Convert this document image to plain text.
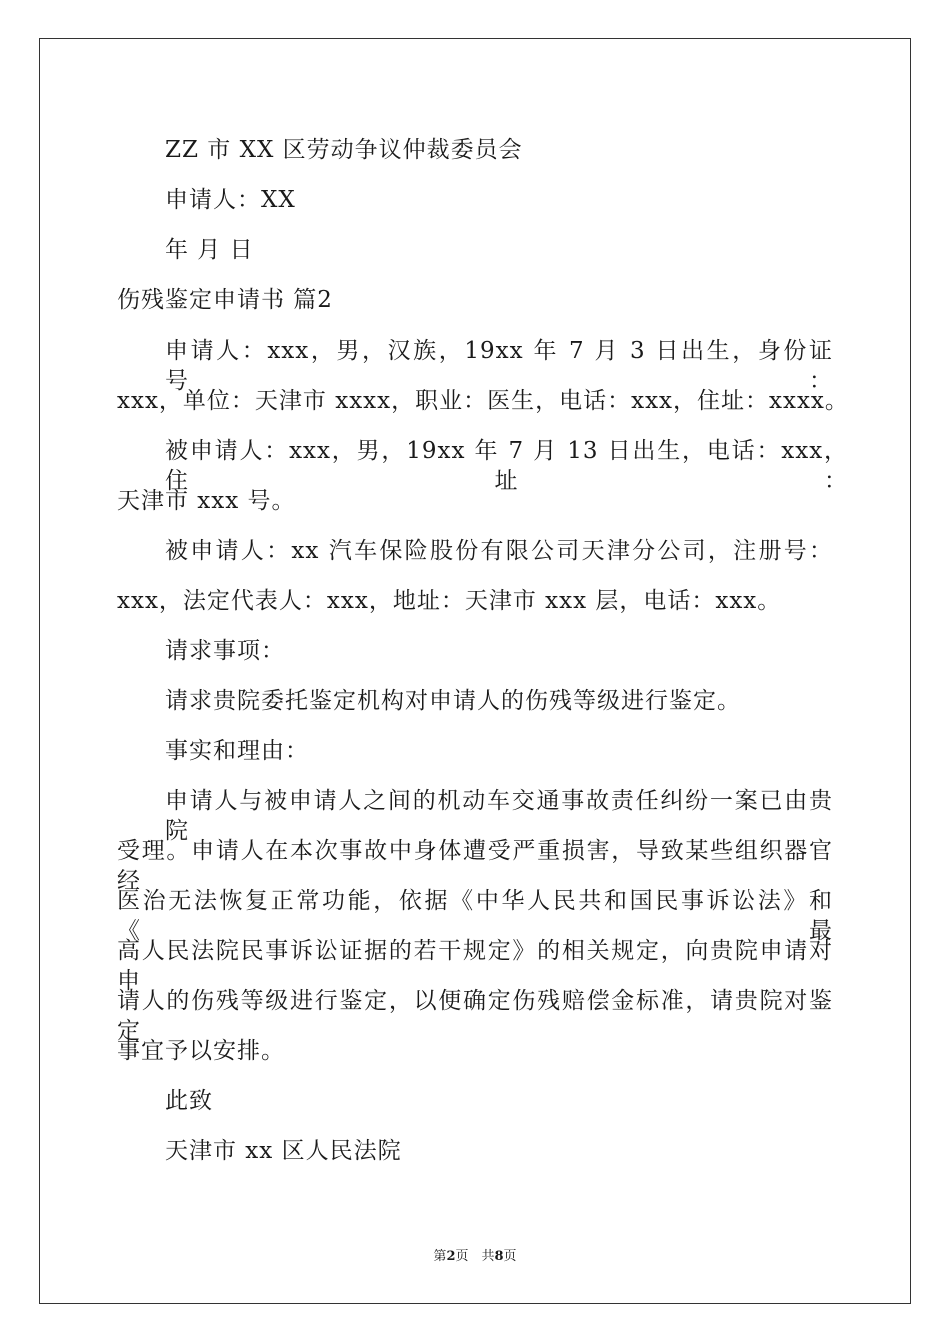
ZZ 市 XX 区劳动争议仲裁委员会
申请人：XX
年 月 日
伤残鉴定申请书 篇2
申请人：xxx，男，汉族，19xx 年 7 月 3 日出生，身份证号：
xxx，单位：天津市 xxxx，职业：医生，电话：xxx，住址：xxxx。
被申请人：xxx，男，19xx 年 7 月 13 日出生，电话：xxx，住址：
天津市 xxx 号。
被申请人：xx 汽车保险股份有限公司天津分公司，注册号：
xxx，法定代表人：xxx，地址：天津市 xxx 层，电话：xxx。
请求事项：
请求贵院委托鉴定机构对申请人的伤残等级进行鉴定。
事实和理由：
申请人与被申请人之间的机动车交通事故责任纠纷一案已由贵院
受理。申请人在本次事故中身体遭受严重损害，导致某些组织器官经
医治无法恢复正常功能，依据《中华人民共和国民事诉讼法》和《最
高人民法院民事诉讼证据的若干规定》的相关规定，向贵院申请对申
请人的伤残等级进行鉴定，以便确定伤残赔偿金标准，请贵院对鉴定
事宜予以安排。
此致
天津市 xx 区人民法院
第2页　共8页
